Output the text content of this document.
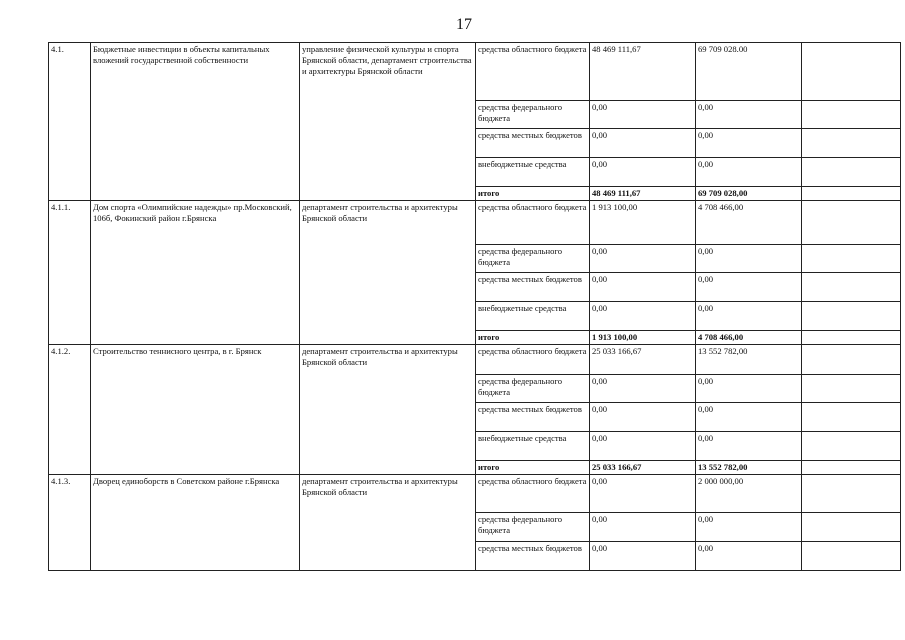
17
4.1.	Бюджетные инвестиции в объекты капитальных вложений государственной собственности	управление физической культуры и спорта Брянской области, департамент строительства и архитектуры Брянской области	средства областного бюджета	48 469 111,67	69 709 028.00	
			средства федерального бюджета	0,00	0,00	
			средства местных бюджетов	0,00	0,00	
			внебюджетные средства	0,00	0,00	
			итого	48 469 111,67	69 709 028,00	
4.1.1.	Дом спорта «Олимпийские надежды» пр.Московский, 106б, Фокинский район г.Брянска	департамент строительства и архитектуры Брянской области	средства областного бюджета	1 913 100,00	4 708 466,00	
			средства федерального бюджета	0,00	0,00	
			средства местных бюджетов	0,00	0,00	
			внебюджетные средства	0,00	0,00	
			итого	1 913 100,00	4 708 466,00	
4.1.2.	Строительство теннисного центра, в г. Брянск	департамент строительства и архитектуры Брянской области	средства областного бюджета	25 033 166,67	13 552 782,00	
			средства федерального бюджета	0,00	0,00	
			средства местных бюджетов	0,00	0,00	
			внебюджетные средства	0,00	0,00	
			итого	25 033 166,67	13 552 782,00	
4.1.3.	Дворец единоборств в Советском районе г.Брянска	департамент строительства и архитектуры Брянской области	средства областного бюджета	0,00	2 000 000,00	
			средства федерального бюджета	0,00	0,00	
			средства местных бюджетов	0,00	0,00	
